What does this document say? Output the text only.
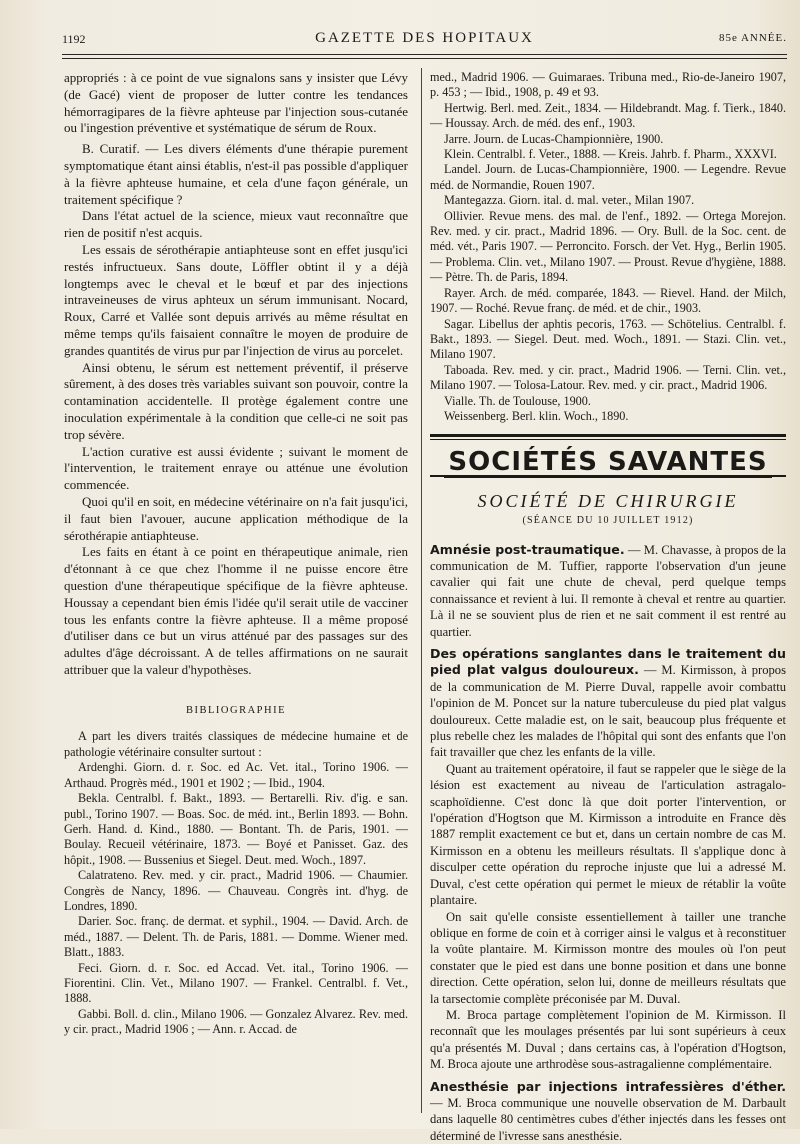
1192	GAZETTE DES HOPITAUX	85e ANNÉE.

appropriés : à ce point de vue signalons sans y insister que Lévy (de Gacé) vient de proposer de lutter contre les tendances hémorragipares de la fièvre aphteuse par l'injection sous-cutanée ou l'ingestion préventive et systématique de sérum de Roux.

B. Curatif. — Les divers éléments d'une thérapie purement symptomatique étant ainsi établis, n'est-il pas possible d'appliquer à la fièvre aphteuse humaine, et cela d'une façon générale, un traitement spécifique ?

Dans l'état actuel de la science, mieux vaut reconnaître que rien de positif n'est acquis.

Les essais de sérothérapie antiaphteuse sont en effet jusqu'ici restés infructueux. Sans doute, Löffler obtint il y a déjà longtemps avec le cheval et le bœuf et par des injections intraveineuses de virus aphteux un sérum immunisant. Nocard, Roux, Carré et Vallée sont depuis arrivés au même résultat en même temps qu'ils faisaient connaître le moyen de produire de grandes quantités de virus pur par l'injection de virus au porcelet.

Ainsi obtenu, le sérum est nettement préventif, il préserve sûrement, à des doses très variables suivant son pouvoir, contre la contamination accidentelle. Il protège également contre une inoculation expérimentale à la condition que celle-ci ne soit pas trop sévère.

L'action curative est aussi évidente ; suivant le moment de l'intervention, le traitement enraye ou atténue une évolution commencée.

Quoi qu'il en soit, en médecine vétérinaire on n'a fait jusqu'ici, il faut bien l'avouer, aucune application méthodique de la sérothérapie antiaphteuse.

Les faits en étant à ce point en thérapeutique animale, rien d'étonnant à ce que chez l'homme il ne puisse encore être question d'une thérapeutique spécifique de la fièvre aphteuse. Houssay a cependant bien émis l'idée qu'il serait utile de vacciner tous les enfants contre la fièvre aphteuse. Il a même proposé d'utiliser dans ce but un virus atténué par des passages sur des adultes d'âge décroissant. A de telles affirmations on ne saurait attribuer que la valeur d'hypothèses.

BIBLIOGRAPHIE

A part les divers traités classiques de médecine humaine et de pathologie vétérinaire consulter surtout :

Ardenghi. Giorn. d. r. Soc. ed Ac. Vet. ital., Torino 1906. — Arthaud. Progrès méd., 1901 et 1902 ; — Ibid., 1904.

Bekla. Centralbl. f. Bakt., 1893. — Bertarelli. Riv. d'ig. e san. publ., Torino 1907. — Boas. Soc. de méd. int., Berlin 1893. — Bohn. Gerh. Hand. d. Kind., 1880. — Bontant. Th. de Paris, 1901. — Boulay. Recueil vétérinaire, 1873. — Boyé et Panisset. Gaz. des hôpit., 1908. — Bussenius et Siegel. Deut. med. Woch., 1897.

Calatrateno. Rev. med. y cir. pract., Madrid 1906. — Chaumier. Congrès de Nancy, 1896. — Chauveau. Congrès int. d'hyg. de Londres, 1890.

Darier. Soc. franç. de dermat. et syphil., 1904. — David. Arch. de méd., 1887. — Delent. Th. de Paris, 1881. — Domme. Wiener med. Blatt., 1883.

Feci. Giorn. d. r. Soc. ed Accad. Vet. ital., Torino 1906. — Fiorentini. Clin. Vet., Milano 1907. — Frankel. Centralbl. f. Vet., 1888.

Gabbi. Boll. d. clin., Milano 1906. — Gonzalez Alvarez. Rev. med. y cir. pract., Madrid 1906 ; — Ann. r. Accad. de

med., Madrid 1906. — Guimaraes. Tribuna med., Rio-de-Janeiro 1907, p. 453 ; — Ibid., 1908, p. 49 et 93.

Hertwig. Berl. med. Zeit., 1834. — Hildebrandt. Mag. f. Tierk., 1840. — Houssay. Arch. de méd. des enf., 1903.

Jarre. Journ. de Lucas-Championnière, 1900.

Klein. Centralbl. f. Veter., 1888. — Kreis. Jahrb. f. Pharm., XXXVI.

Landel. Journ. de Lucas-Championnière, 1900. — Legendre. Revue méd. de Normandie, Rouen 1907.

Mantegazza. Giorn. ital. d. mal. veter., Milan 1907.

Ollivier. Revue mens. des mal. de l'enf., 1892. — Ortega Morejon. Rev. med. y cir. pract., Madrid 1896. — Ory. Bull. de la Soc. cent. de méd. vét., Paris 1907. — Perroncito. Forsch. der Vet. Hyg., Berlin 1905. — Problema. Clin. vet., Milano 1907. — Proust. Revue d'hygiène, 1888. — Pètre. Th. de Paris, 1894.

Rayer. Arch. de méd. comparée, 1843. — Rievel. Hand. der Milch, 1907. — Roché. Revue franç. de méd. et de chir., 1903.

Sagar. Libellus der aphtis pecoris, 1763. — Schötelius. Centralbl. f. Bakt., 1893. — Siegel. Deut. med. Woch., 1891. — Stazi. Clin. vet., Milano 1907.

Taboada. Rev. med. y cir. pract., Madrid 1906. — Terni. Clin. vet., Milano 1907. — Tolosa-Latour. Rev. med. y cir. pract., Madrid 1906.

Vialle. Th. de Toulouse, 1900.

Weissenberg. Berl. klin. Woch., 1890.

SOCIÉTÉS SAVANTES
SOCIÉTÉ DE CHIRURGIE
(SÉANCE DU 10 JUILLET 1912)

Amnésie post-traumatique. — M. Chavasse, à propos de la communication de M. Tuffier, rapporte l'observation d'un jeune cavalier qui fait une chute de cheval, perd quelque temps connaissance et revient à lui. Il remonte à cheval et rentre au quartier. Là il ne se souvient plus de rien et ne sait comment il est rentré au quartier.

Des opérations sanglantes dans le traitement du pied plat valgus douloureux. — M. Kirmisson, à propos de la communication de M. Pierre Duval, rappelle avoir combattu l'opinion de M. Poncet sur la nature tuberculeuse du pied plat valgus douloureux. Cette maladie est, on le sait, beaucoup plus fréquente et plus rebelle chez les malades de l'hôpital qui sont des enfants que l'on fait travailler que chez les enfants de la ville.

Quant au traitement opératoire, il faut se rappeler que le siège de la lésion est exactement au niveau de l'articulation astragalo-scaphoïdienne. C'est donc là que doit porter l'intervention, or l'opération d'Hogtson que M. Kirmisson a introduite en France dès 1887 remplit exactement ce but et, dans un certain nombre de cas M. Kirmisson en a obtenu les meilleurs résultats. Il s'applique donc à disculper cette opération du reproche injuste que lui a adressé M. Duval, c'est cette opération qui permet le mieux de rétablir la voûte plantaire.

On sait qu'elle consiste essentiellement à tailler une tranche oblique en forme de coin et à corriger ainsi le valgus et à reconstituer la voûte plantaire. M. Kirmisson montre des moules où l'on peut constater que le pied est dans une bonne position et dans une bonne direction. Cette opération, selon lui, donne de meilleurs résultats que la tarsectomie complète préconisée par M. Duval.

M. Broca partage complètement l'opinion de M. Kirmisson. Il reconnaît que les moulages présentés par lui sont supérieurs à ceux qu'a présentés M. Duval ; dans certains cas, à l'opération d'Hogtson, M. Broca ajoute une arthrodèse sous-astragalienne complémentaire.

Anesthésie par injections intrafessières d'éther. — M. Broca communique une nouvelle observation de M. Darbault dans laquelle 80 centimètres cubes d'éther injectés dans les fesses ont déterminé de l'ivresse sans anesthésie.
